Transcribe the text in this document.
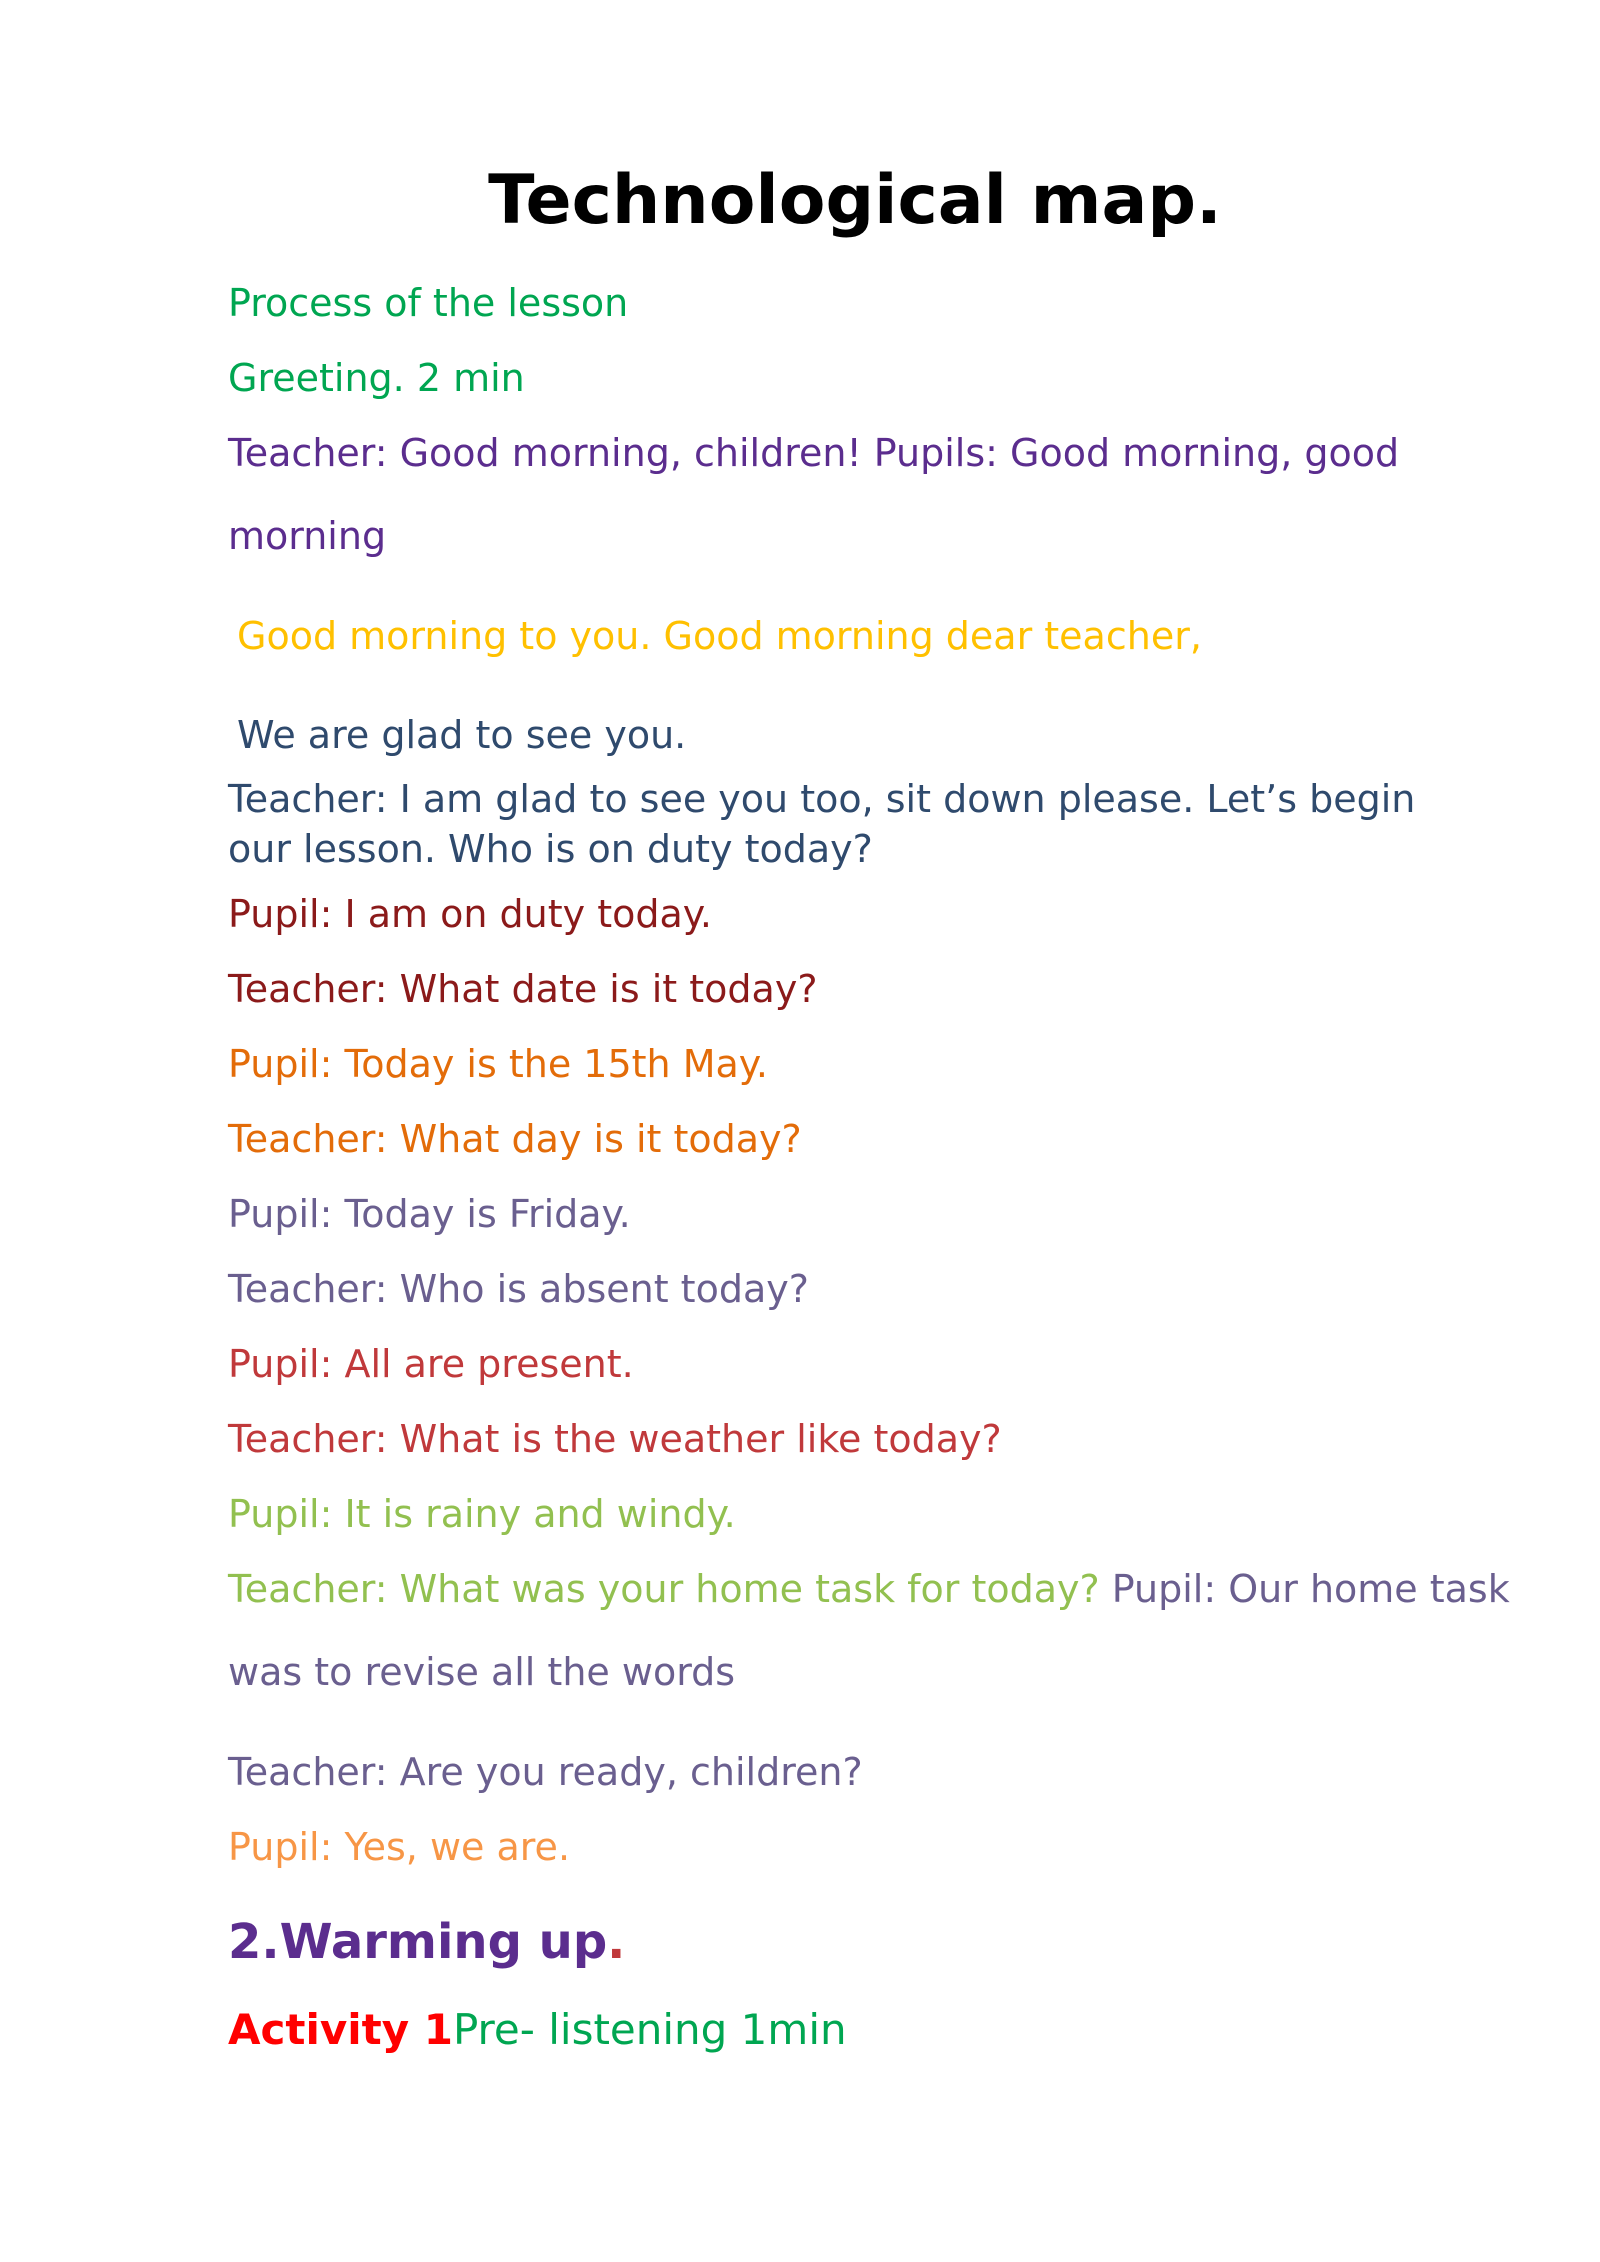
Technological map.

Process of the lesson

Greeting. 2 min

Teacher: Good morning, children! Pupils: Good morning, good

morning

Good morning to you. Good morning dear teacher,

We are glad to see you.

Teacher: I am glad to see you too, sit down please. Let’s begin our lesson. Who is on duty today?

Pupil: I am on duty today.

Teacher: What date is it today?

Pupil: Today is the 15th May.

Teacher: What day is it today?

Pupil: Today is Friday.

Teacher: Who is absent today?

Pupil: All are present.

Teacher: What is the weather like today?

Pupil: It is rainy and windy.

Teacher: What was your home task for today? Pupil: Our home task

was to revise all the words

Teacher: Are you ready, children?

Pupil: Yes, we are.

2.Warming up.

Activity 1Pre- listening 1min
